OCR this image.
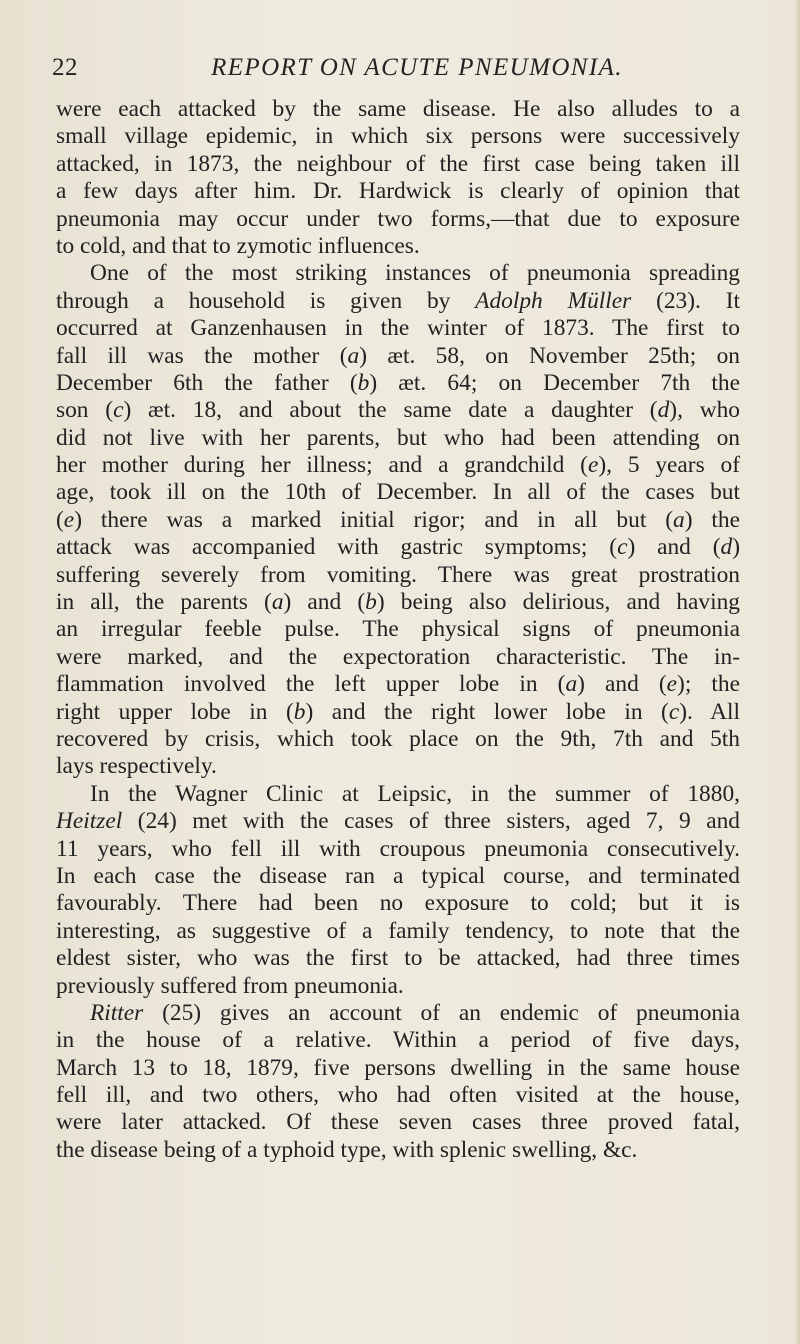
22	REPORT ON ACUTE PNEUMONIA.
were each attacked by the same disease. He also alludes to a
small village epidemic, in which six persons were successively
attacked, in 1873, the neighbour of the first case being taken ill
a few days after him. Dr. Hardwick is clearly of opinion that
pneumonia may occur under two forms,—that due to exposure
to cold, and that to zymotic influences.
One of the most striking instances of pneumonia spreading
through a household is given by Adolph Müller (23). It
occurred at Ganzenhausen in the winter of 1873. The first to
fall ill was the mother (a) æt. 58, on November 25th; on
December 6th the father (b) æt. 64; on December 7th the
son (c) æt. 18, and about the same date a daughter (d), who
did not live with her parents, but who had been attending on
her mother during her illness; and a grandchild (e), 5 years of
age, took ill on the 10th of December. In all of the cases but
(e) there was a marked initial rigor; and in all but (a) the
attack was accompanied with gastric symptoms; (c) and (d)
suffering severely from vomiting. There was great prostration
in all, the parents (a) and (b) being also delirious, and having
an irregular feeble pulse. The physical signs of pneumonia
were marked, and the expectoration characteristic. The in-
flammation involved the left upper lobe in (a) and (e); the
right upper lobe in (b) and the right lower lobe in (c). All
recovered by crisis, which took place on the 9th, 7th and 5th
lays respectively.
In the Wagner Clinic at Leipsic, in the summer of 1880,
Heitzel (24) met with the cases of three sisters, aged 7, 9 and
11 years, who fell ill with croupous pneumonia consecutively.
In each case the disease ran a typical course, and terminated
favourably. There had been no exposure to cold; but it is
interesting, as suggestive of a family tendency, to note that the
eldest sister, who was the first to be attacked, had three times
previously suffered from pneumonia.
Ritter (25) gives an account of an endemic of pneumonia
in the house of a relative. Within a period of five days,
March 13 to 18, 1879, five persons dwelling in the same house
fell ill, and two others, who had often visited at the house,
were later attacked. Of these seven cases three proved fatal,
the disease being of a typhoid type, with splenic swelling, &c.
